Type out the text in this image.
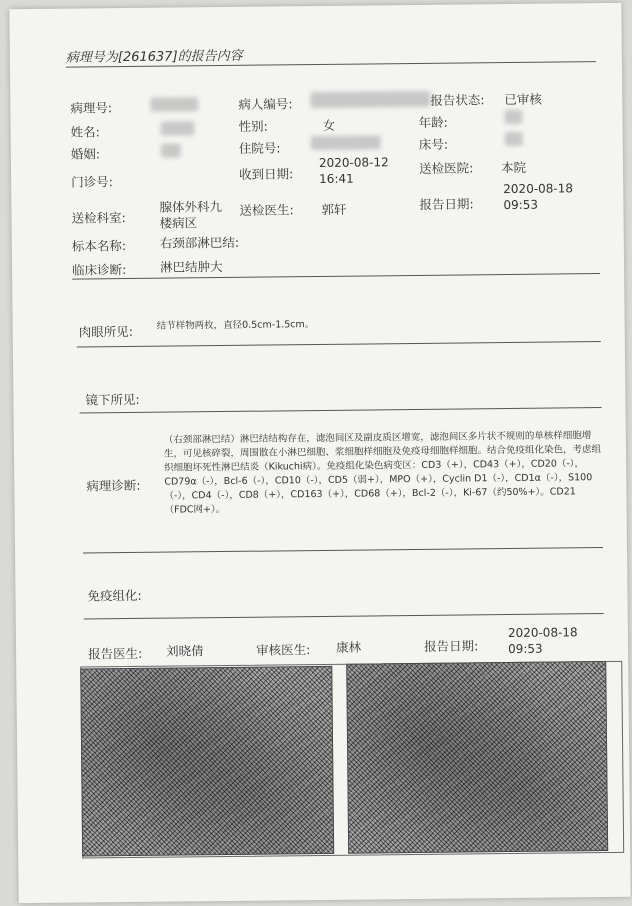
病理号为[261637]的报告内容
病理号:	病人编号:	报告状态: 已审核
姓名:	性别:	女	年龄:
婚姻:	住院号:	床号:
门诊号:
收到日期:
2020-08-12
16:41
送检医院: 本院
送检科室:
腺体外科九
楼病区
送检医生: 郭轩	报告日期:
2020-08-18
09:53
标本名称:	右颈部淋巴结:
临床诊断:	淋巴结肿大
肉眼所见: 结节样物两枚，直径0.5cm-1.5cm。
镜下所见:
病理诊断:
（右颈部淋巴结）淋巴结结构存在，滤泡间区及副皮质区增宽，滤泡间区多片状不规则的单核样细胞增生，可见核碎裂，周围散在小淋巴细胞、浆细胞样细胞及免疫母细胞样细胞。结合免疫组化染色，考虑组织细胞坏死性淋巴结炎（Kikuchi病）。免疫组化染色病变区：CD3（+），CD43（+），CD20（-），CD79α（-），Bcl-6（-），CD10（-），CD5（弱+），MPO（+），Cyclin D1（-），CD1α（-），S100（-），CD4（-），CD8（+），CD163（+），CD68（+），Bcl-2（-），Ki-67（约50%+）。CD21（FDC网+）。
免疫组化:
报告医生: 刘晓倩	审核医生: 康林	报告日期:
2020-08-18
09:53
